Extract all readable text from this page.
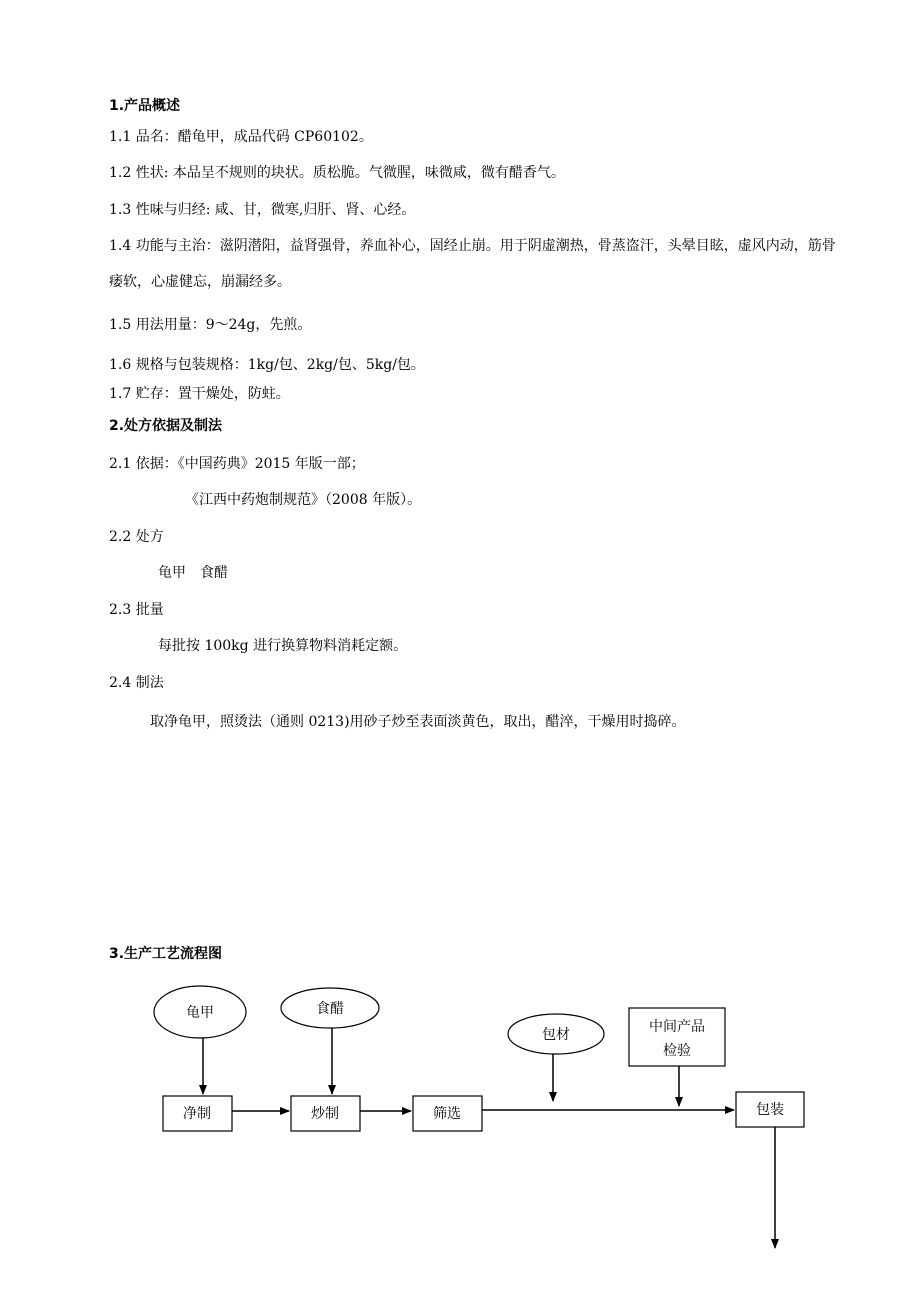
1.产品概述
1.1 品名：醋龟甲，成品代码 CP60102。
1.2 性状: 本品呈不规则的块状。质松脆。气微腥，味微咸，微有醋香气。
1.3 性味与归经: 咸、甘，微寒,归肝、肾、心经。
1.4 功能与主治：滋阴潜阳，益肾强骨，养血补心，固经止崩。用于阴虚潮热，骨蒸盗汗，头晕目眩，虚风内动，筋骨痿软，心虚健忘，崩漏经多。
1.5 用法用量：9〜24g，先煎。
1.6 规格与包装规格：1kg/包、2kg/包、5kg/包。
1.7 贮存：置干燥处，防蛀。
2.处方依据及制法
2.1 依据：《中国药典》2015 年版一部；
《江西中药炮制规范》（2008 年版）。
2.2 处方
龟甲　食醋
2.3 批量
每批按 100kg 进行换算物料消耗定额。
2.4 制法
取净龟甲，照烫法（通则 0213)用砂子炒至表面淡黄色，取出，醋淬，干燥用时捣碎。
3.生产工艺流程图
龟甲	食醋
包材	中间产品
检验
净制	炒制	筛选	包装
